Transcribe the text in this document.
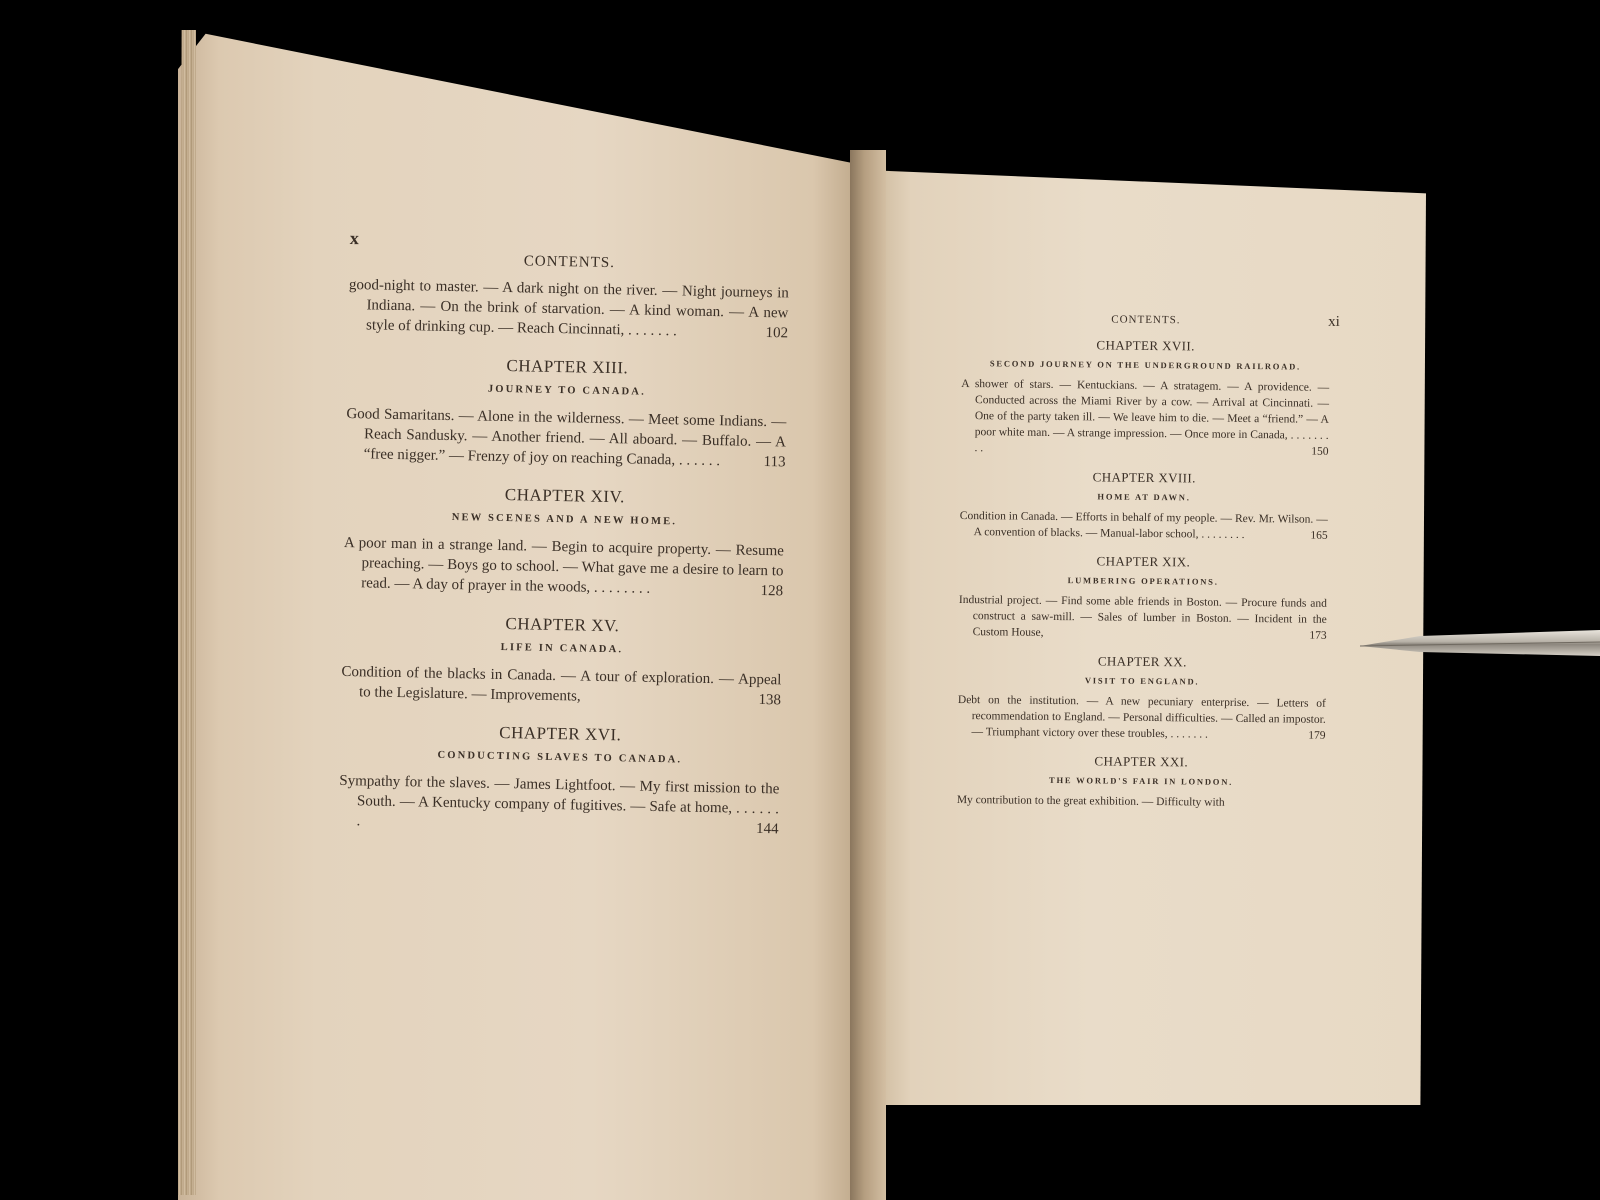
x
CONTENTS.
good-night to master. — A dark night on the river. — Night journeys in Indiana. — On the brink of starvation. — A kind woman. — A new style of drinking cup. — Reach Cincinnati, . . . . . . .	102
CHAPTER XIII.
JOURNEY TO CANADA.
Good Samaritans. — Alone in the wilderness. — Meet some Indians. — Reach Sandusky. — Another friend. — All aboard. — Buffalo. — A “free nigger.” — Frenzy of joy on reaching Canada, . . . . . .	113
CHAPTER XIV.
NEW SCENES AND A NEW HOME.
A poor man in a strange land. — Begin to acquire property. — Resume preaching. — Boys go to school. — What gave me a desire to learn to read. — A day of prayer in the woods, . . . . . . . .	128
CHAPTER XV.
LIFE IN CANADA.
Condition of the blacks in Canada. — A tour of exploration. — Appeal to the Legislature. — Improvements,	138
CHAPTER XVI.
CONDUCTING SLAVES TO CANADA.
Sympathy for the slaves. — James Lightfoot. — My first mission to the South. — A Kentucky company of fugitives. — Safe at home, . . . . . . .	144
xi
CONTENTS.
CHAPTER XVII.
SECOND JOURNEY ON THE UNDERGROUND RAILROAD.
A shower of stars. — Kentuckians. — A stratagem. — A providence. — Conducted across the Miami River by a cow. — Arrival at Cincinnati. — One of the party taken ill. — We leave him to die. — Meet a “friend.” — A poor white man. — A strange impression. — Once more in Canada, . . . . . . . . .	150
CHAPTER XVIII.
HOME AT DAWN.
Condition in Canada. — Efforts in behalf of my people. — Rev. Mr. Wilson. — A convention of blacks. — Manual-labor school, . . . . . . . .	165
CHAPTER XIX.
LUMBERING OPERATIONS.
Industrial project. — Find some able friends in Boston. — Procure funds and construct a saw-mill. — Sales of lumber in Boston. — Incident in the Custom House,	173
CHAPTER XX.
VISIT TO ENGLAND.
Debt on the institution. — A new pecuniary enterprise. — Letters of recommendation to England. — Personal difficulties. — Called an impostor. — Triumphant victory over these troubles, . . . . . . .	179
CHAPTER XXI.
THE WORLD'S FAIR IN LONDON.
My contribution to the great exhibition. — Difficulty with
